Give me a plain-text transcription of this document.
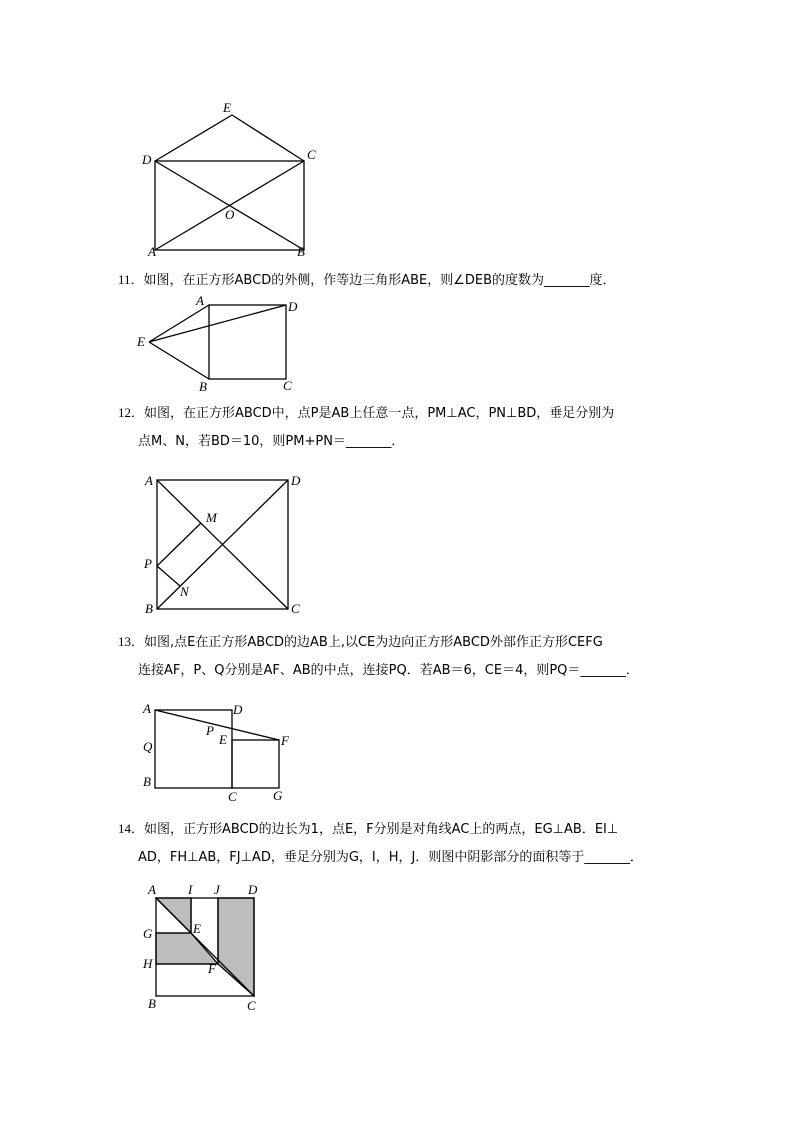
E
D	C
O
A	B
11．如图，在正方形ABCD的外侧，作等边三角形ABE，则∠DEB的度数为_______度．
A	D
E
B	C
12．如图，在正方形ABCD中，点P是AB上任意一点，PM⊥AC，PN⊥BD，垂足分别为
点M、N，若BD＝10，则PM+PN＝_______．
A	D
M
P
N
B	C
13．如图,点E在正方形ABCD的边AB上,以CE为边向正方形ABCD外部作正方形CEFG
连接AF，P、Q分别是AF、AB的中点，连接PQ．若AB＝6，CE＝4，则PQ＝_______．
A	D
P
E	F
Q
B
C	G
14．如图，正方形ABCD的边长为1，点E，F分别是对角线AC上的两点，EG⊥AB．EI⊥
AD，FH⊥AB，FJ⊥AD，垂足分别为G，I，H，J．则图中阴影部分的面积等于_______．
A I J D
G	E
H	F
B	C
